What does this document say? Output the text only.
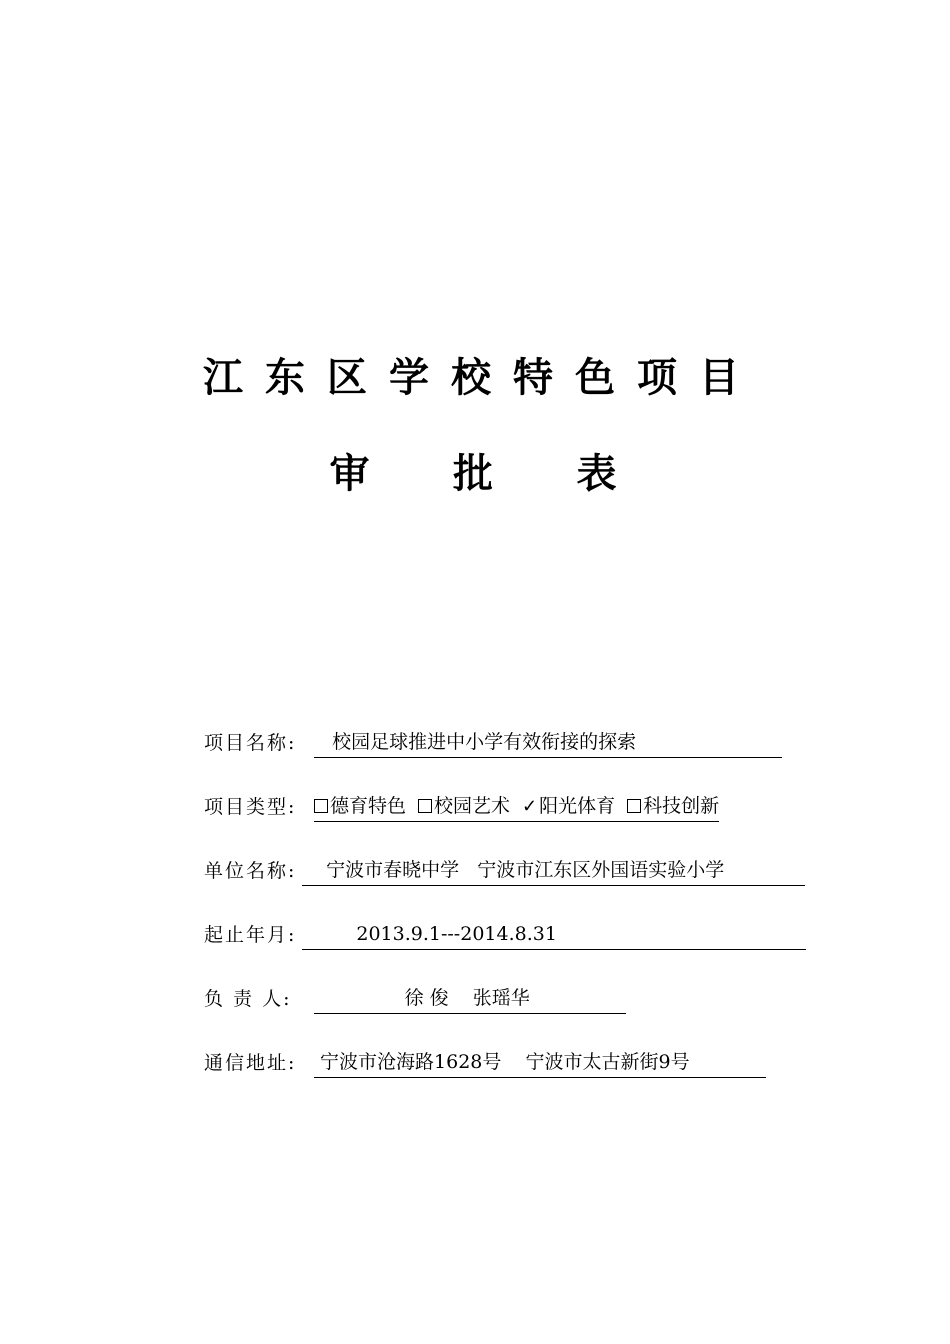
江东区学校特色项目
审      批      表

项目名称:

校园足球推进中小学有效衔接的探索

项目类型:

	德育特色	校园艺术 ✓ 阳光体育	科技创新

单位名称:

宁波市春晓中学   宁波市江东区外国语实验小学

起止年月:

2013.9.1---2014.8.31

负 责 人:

徐 俊    张瑶华

通信地址:

宁波市沧海路1628号    宁波市太古新街9号
